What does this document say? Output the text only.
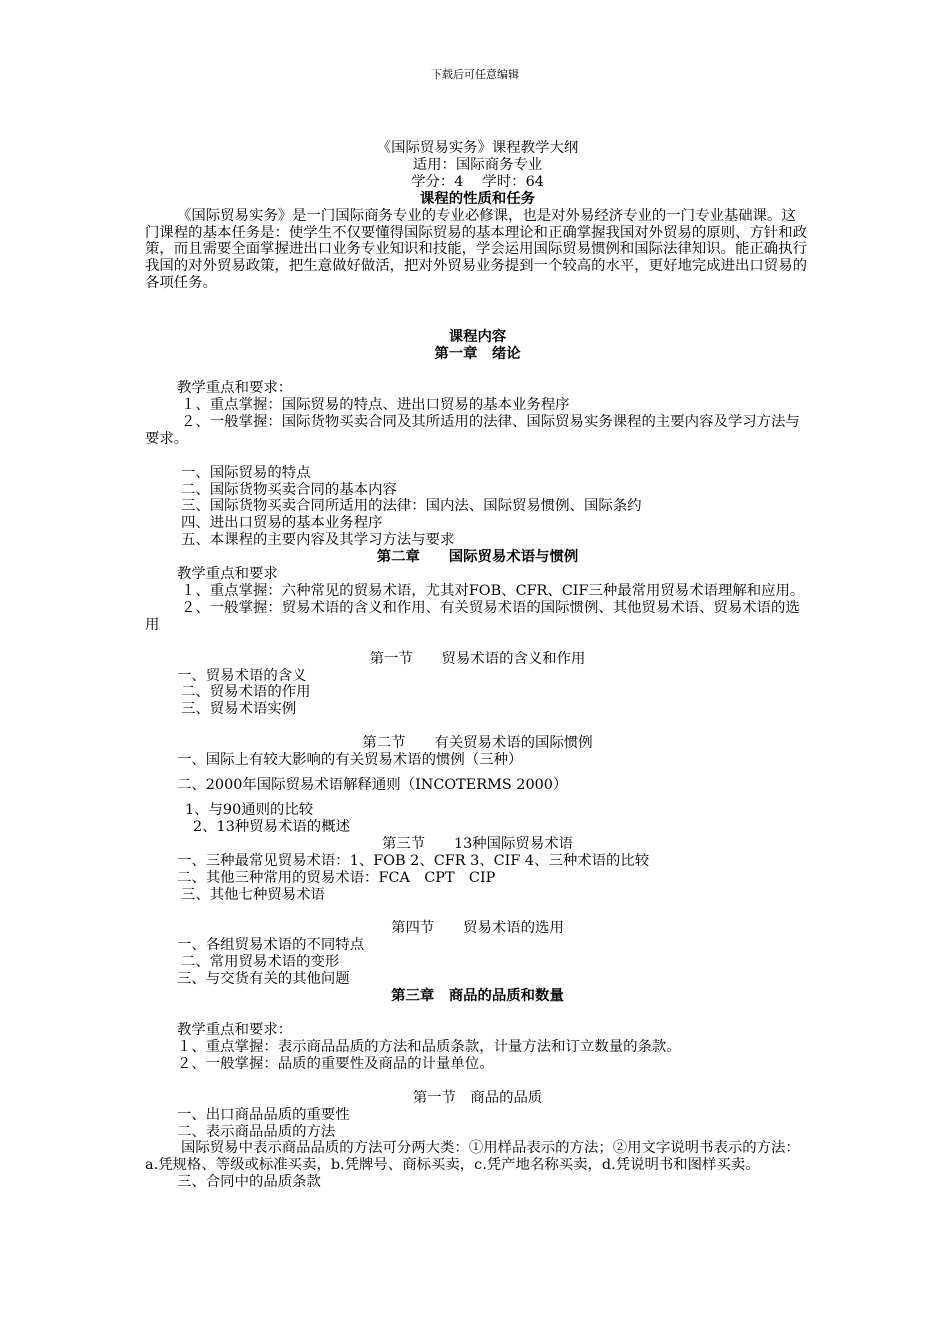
下载后可任意编辑

《国际贸易实务》课程教学大纲

适用：国际商务专业

学分：4　 学时：64

课程的性质和任务

《国际贸易实务》是一门国际商务专业的专业必修课，也是对外易经济专业的一门专业基础课。这门课程的基本任务是：使学生不仅要懂得国际贸易的基本理论和正确掌握我国对外贸易的原则、方针和政策，而且需要全面掌握进出口业务专业知识和技能，学会运用国际贸易惯例和国际法律知识。能正确执行我国的对外贸易政策，把生意做好做活，把对外贸易业务提到一个较高的水平，更好地完成进出口贸易的各项任务。

课程内容

第一章　绪论

教学重点和要求：

１、重点掌握：国际贸易的特点、进出口贸易的基本业务程序

２、一般掌握：国际货物买卖合同及其所适用的法律、国际贸易实务课程的主要内容及学习方法与要求。

一、国际贸易的特点

二、国际货物买卖合同的基本内容

三、国际货物买卖合同所适用的法律：国内法、国际贸易惯例、国际条约

四、进出口贸易的基本业务程序

五、本课程的主要内容及其学习方法与要求

第二章　　国际贸易术语与惯例

教学重点和要求

１、重点掌握：六种常见的贸易术语，尤其对FOB、CFR、CIF三种最常用贸易术语理解和应用。

２、一般掌握：贸易术语的含义和作用、有关贸易术语的国际惯例、其他贸易术语、贸易术语的选用

第一节　　贸易术语的含义和作用

一、贸易术语的含义

二、贸易术语的作用

三、贸易术语实例

第二节　　有关贸易术语的国际惯例

一、国际上有较大影响的有关贸易术语的惯例（三种）

二、2000年国际贸易术语解释通则（INCOTERMS 2000）

1、与90通则的比较

2、13种贸易术语的概述

第三节　　13种国际贸易术语

一、三种最常见贸易术语：1、FOB 2、CFR 3、CIF 4、三种术语的比较

二、其他三种常用的贸易术语：FCA　CPT　CIP

三、其他七种贸易术语

第四节　　贸易术语的选用

一、各组贸易术语的不同特点

二、常用贸易术语的变形

三、与交货有关的其他问题

第三章　商品的品质和数量

教学重点和要求：

１、重点掌握：表示商品品质的方法和品质条款，计量方法和订立数量的条款。

２、一般掌握：品质的重要性及商品的计量单位。

第一节　商品的品质

一、出口商品品质的重要性

二、表示商品品质的方法

国际贸易中表示商品品质的方法可分两大类：①用样品表示的方法；②用文字说明书表示的方法：a.凭规格、等级或标准买卖，b.凭牌号、商标买卖，c.凭产地名称买卖，d.凭说明书和图样买卖。

三、合同中的品质条款
